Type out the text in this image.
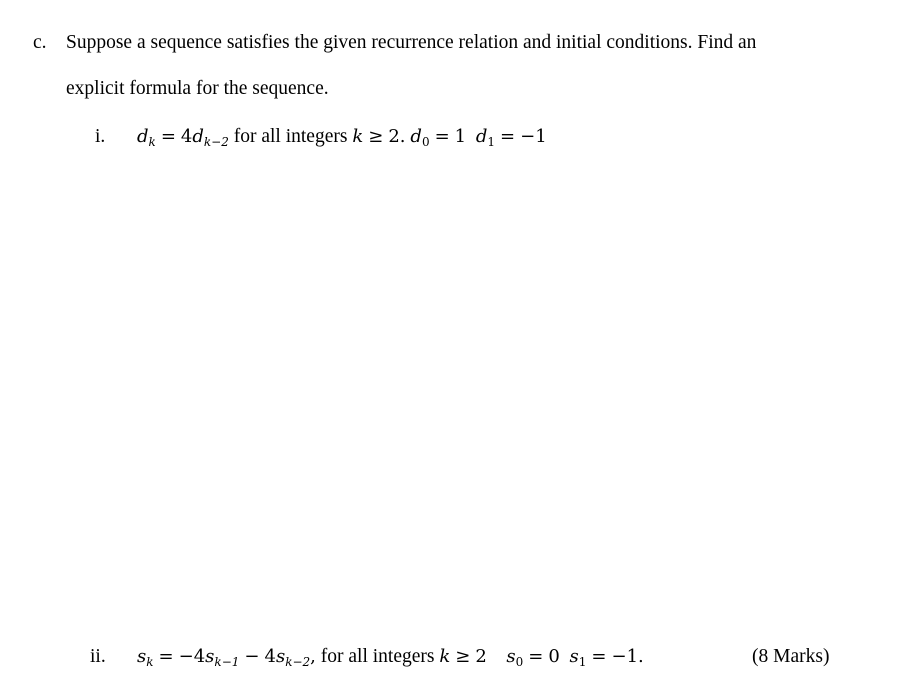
c. Suppose a sequence satisfies the given recurrence relation and initial conditions. Find an
explicit formula for the sequence.
i. $d_k = 4d_{k-2}$ for all integers k ≥ 2. $d_0 = 1$ $d_1 = -1$
ii. $s_k = -4s_{k-1} - 4s_{k-2}$, for all integers k ≥ 2 $s_0 = 0$ $s_1 = -1$.	(8 Marks)
